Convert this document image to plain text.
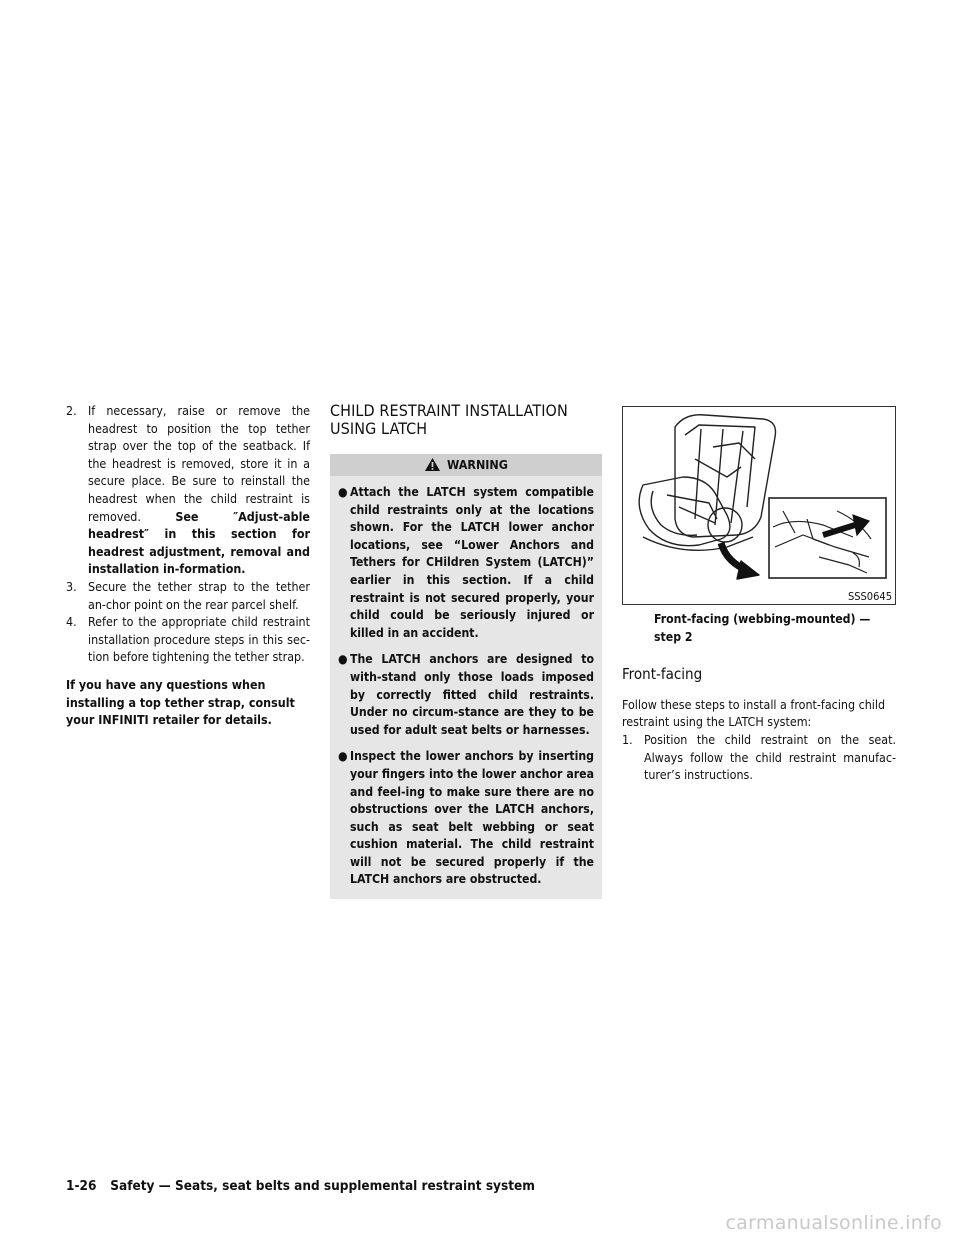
2. If necessary, raise or remove the headrest to position the top tether strap over the top of the seatback. If the headrest is removed, store it in a secure place. Be sure to reinstall the headrest when the child restraint is removed.	See ″Adjust-able headrest″ in this section for headrest adjustment, removal and installation in-formation.
3. Secure the tether strap to the tether an-chor point on the rear parcel shelf.
4. Refer to the appropriate child restraint installation procedure steps in this sec-tion before tightening the tether strap.

If you have any questions when installing a top tether strap, consult your INFINITI retailer for details.

CHILD RESTRAINT INSTALLATION USING LATCH
WARNING
● Attach the LATCH system compatible child restraints only at the locations shown. For the LATCH lower anchor locations, see “Lower Anchors and Tethers for CHildren System (LATCH)” earlier in this section. If a child restraint is not secured properly, your child could be seriously injured or killed in an accident.
● The LATCH anchors are designed to with-stand only those loads imposed by correctly fitted child restraints. Under no circum-stance are they to be used for adult seat belts or harnesses.
● Inspect the lower anchors by inserting your fingers into the lower anchor area and feel-ing to make sure there are no obstructions over the LATCH anchors, such as seat belt webbing or seat cushion material. The child restraint will not be secured properly if the LATCH anchors are obstructed.
SSS0645
Front-facing (webbing-mounted) — step 2
Front-facing

Follow these steps to install a front-facing child restraint using the LATCH system:

1. Position the child restraint on the seat. Always follow the child restraint manufac-turer’s instructions.
1-26 Safety — Seats, seat belts and supplemental restraint system
carmanualsonline.info
